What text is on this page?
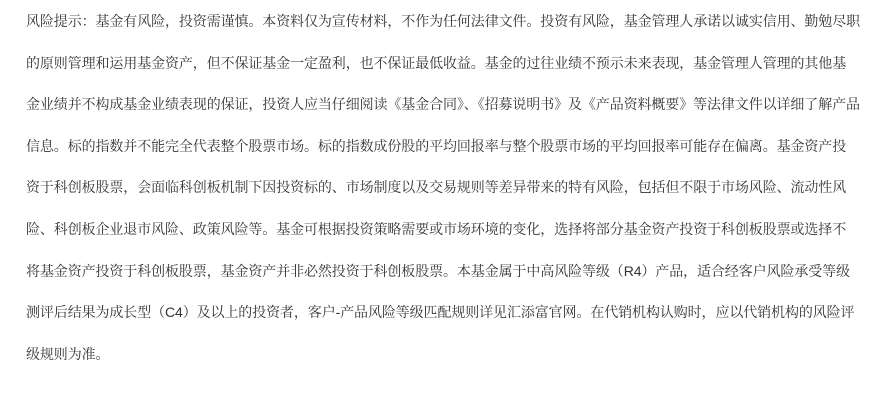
风险提示：基金有风险，投资需谨慎。本资料仅为宣传材料，不作为任何法律文件。投资有风险，基金管理人承诺以诚实信用、勤勉尽职
的原则管理和运用基金资产，但不保证基金一定盈利，也不保证最低收益。基金的过往业绩不预示未来表现，基金管理人管理的其他基
金业绩并不构成基金业绩表现的保证，投资人应当仔细阅读《基金合同》、《招募说明书》及《产品资料概要》等法律文件以详细了解产品
信息。标的指数并不能完全代表整个股票市场。标的指数成份股的平均回报率与整个股票市场的平均回报率可能存在偏离。基金资产投
资于科创板股票，会面临科创板机制下因投资标的、市场制度以及交易规则等差异带来的特有风险，包括但不限于市场风险、流动性风
险、科创板企业退市风险、政策风险等。基金可根据投资策略需要或市场环境的变化，选择将部分基金资产投资于科创板股票或选择不
将基金资产投资于科创板股票，基金资产并非必然投资于科创板股票。本基金属于中高风险等级（R4）产品，适合经客户风险承受等级
测评后结果为成长型（C4）及以上的投资者，客户-产品风险等级匹配规则详见汇添富官网。在代销机构认购时，应以代销机构的风险评
级规则为准。
